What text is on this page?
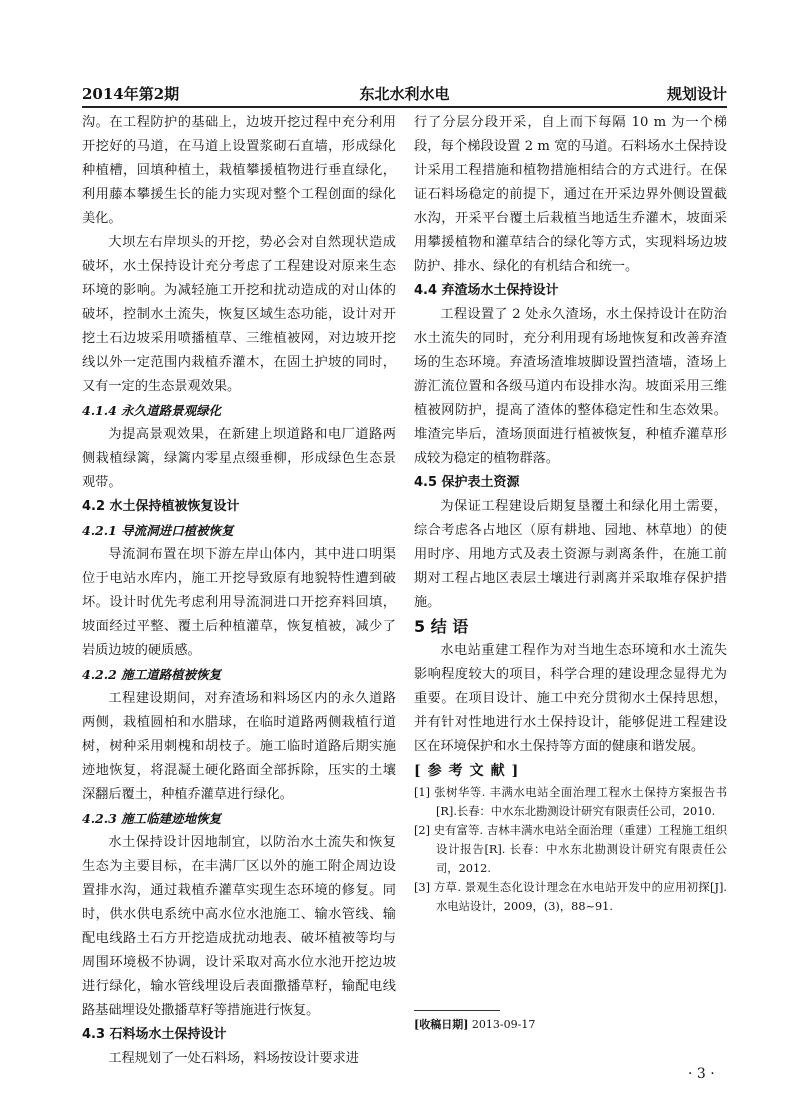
2014年第2期	东北水利水电	规划设计

沟。在工程防护的基础上，边坡开挖过程中充分利用开挖好的马道，在马道上设置浆砌石直墙，形成绿化种植槽，回填种植土，栽植攀援植物进行垂直绿化，利用藤本攀援生长的能力实现对整个工程创面的绿化美化。

大坝左右岸坝头的开挖，势必会对自然现状造成破坏，水土保持设计充分考虑了工程建设对原来生态环境的影响。为减轻施工开挖和扰动造成的对山体的破坏，控制水土流失，恢复区域生态功能，设计对开挖土石边坡采用喷播植草、三维植被网，对边坡开挖线以外一定范围内栽植乔灌木，在固土护坡的同时，又有一定的生态景观效果。

4.1.4 永久道路景观绿化

为提高景观效果，在新建上坝道路和电厂道路两侧栽植绿篱，绿篱内零星点缀垂柳，形成绿色生态景观带。

4.2 水土保持植被恢复设计

4.2.1 导流洞进口植被恢复

导流洞布置在坝下游左岸山体内，其中进口明渠位于电站水库内，施工开挖导致原有地貌特性遭到破坏。设计时优先考虑利用导流洞进口开挖弃料回填，坡面经过平整、覆土后种植灌草，恢复植被，减少了岩质边坡的硬质感。

4.2.2 施工道路植被恢复

工程建设期间，对弃渣场和料场区内的永久道路两侧，栽植圆柏和水腊球，在临时道路两侧栽植行道树，树种采用刺槐和胡枝子。施工临时道路后期实施迹地恢复，将混凝土硬化路面全部拆除，压实的土壤深翻后覆土，种植乔灌草进行绿化。

4.2.3 施工临建迹地恢复

水土保持设计因地制宜，以防治水土流失和恢复生态为主要目标，在丰满厂区以外的施工附企周边设置排水沟，通过栽植乔灌草实现生态环境的修复。同时，供水供电系统中高水位水池施工、输水管线、输配电线路土石方开挖造成扰动地表、破坏植被等均与周围环境极不协调，设计采取对高水位水池开挖边坡进行绿化，输水管线埋设后表面撒播草籽，输配电线路基础埋设处撒播草籽等措施进行恢复。

4.3 石料场水土保持设计

工程规划了一处石料场，料场按设计要求进

行了分层分段开采，自上而下每隔 10 m 为一个梯段，每个梯段设置 2 m 宽的马道。石料场水土保持设计采用工程措施和植物措施相结合的方式进行。在保证石料场稳定的前提下，通过在开采边界外侧设置截水沟，开采平台覆土后栽植当地适生乔灌木，坡面采用攀援植物和灌草结合的绿化等方式，实现料场边坡防护、排水、绿化的有机结合和统一。

4.4 弃渣场水土保持设计

工程设置了 2 处永久渣场，水土保持设计在防治水土流失的同时，充分利用现有场地恢复和改善弃渣场的生态环境。弃渣场渣堆坡脚设置挡渣墙，渣场上游汇流位置和各级马道内布设排水沟。坡面采用三维植被网防护，提高了渣体的整体稳定性和生态效果。堆渣完毕后，渣场顶面进行植被恢复，种植乔灌草形成较为稳定的植物群落。

4.5 保护表土资源

为保证工程建设后期复垦覆土和绿化用土需要，综合考虑各占地区（原有耕地、园地、林草地）的使用时序、用地方式及表土资源与剥离条件，在施工前期对工程占地区表层土壤进行剥离并采取堆存保护措施。

5 结 语

水电站重建工程作为对当地生态环境和水土流失影响程度较大的项目，科学合理的建设理念显得尤为重要。在项目设计、施工中充分贯彻水土保持思想，并有针对性地进行水土保持设计，能够促进工程建设区在环境保护和水土保持等方面的健康和谐发展。

[参考文献]

[1] 张树华等. 丰满水电站全面治理工程水土保持方案报告书[R].长春：中水东北勘测设计研究有限责任公司，2010.

[2] 史有富等. 吉林丰满水电站全面治理（重建）工程施工组织设计报告[R]. 长春：中水东北勘测设计研究有限责任公司，2012.

[3] 方草. 景观生态化设计理念在水电站开发中的应用初探[J].水电站设计，2009，(3)，88~91.

[收稿日期] 2013-09-17
· 3 ·
